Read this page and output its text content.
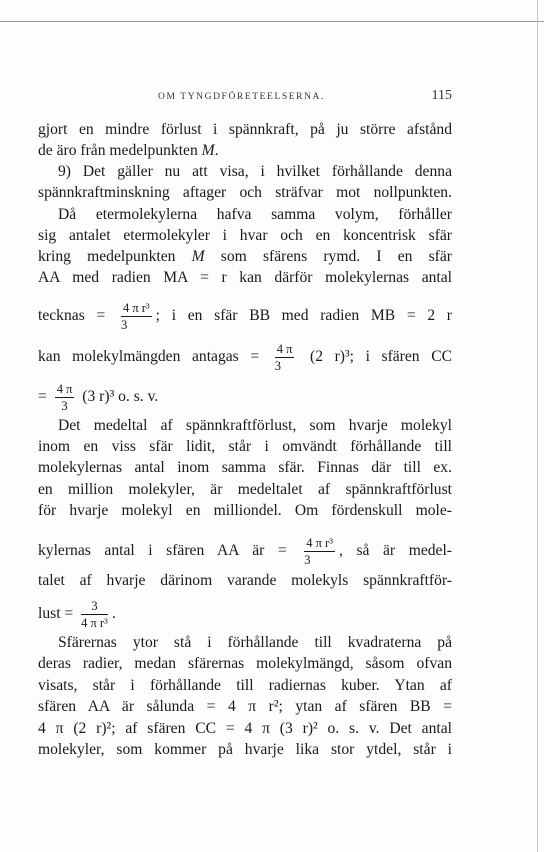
OM TYNGDFÖRETEELSERNA.	115
gjort en mindre förlust i spännkraft, på ju större afstånd
de äro från medelpunkten M.
9) Det gäller nu att visa, i hvilket förhållande denna
spännkraftminskning aftager och sträfvar mot nollpunkten.
Då etermolekylerna hafva samma volym, förhåller
sig antalet etermolekyler i hvar och en koncentrisk sfär
kring medelpunkten M som sfärens rymd. I en sfär
AA med radien MA = r kan därför molekylernas antal
tecknas = $\frac{\text{4 π r³}}{3}$ ; i en sfär BB med radien MB = 2 r
kan molekylmängden antagas = $\frac{4 \pi}{3} (2$ r)³; i sfären CC
= $\frac{4 \pi}{3} (3$ r)³ o. s. v.
Det medeltal af spännkraftförlust, som hvarje molekyl
inom en viss sfär lidit, står i omvändt förhållande till
molekylernas antal inom samma sfär. Finnas där till ex.
en million molekyler, är medeltalet af spännkraftförlust
för hvarje molekyl en milliondel. Om fördenskull mole-
kylernas antal i sfären AA är = $\frac{\text{4 π r³}}{3}$ , så är medel-
talet af hvarje därinom varande molekyls spännkraftför-
lust = $\frac{3}{\text{4 π r³}}$ .
Sfärernas ytor stå i förhållande till kvadraterna på
deras radier, medan sfärernas molekylmängd, såsom ofvan
visats, står i förhållande till radiernas kuber. Ytan af
sfären AA är sålunda = 4 π r²; ytan af sfären BB =
4 π (2 r)²; af sfären CC = 4 π (3 r)² o. s. v. Det antal
molekyler, som kommer på hvarje lika stor ytdel, står i
